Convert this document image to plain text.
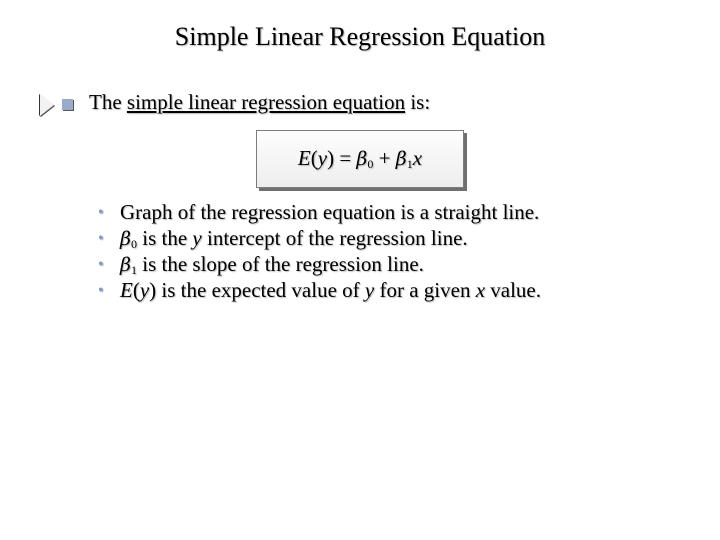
Simple Linear Regression Equation
The simple linear regression equation is:
$E(y) = \beta_0 + \beta_1x$
• Graph of the regression equation is a straight line.
• $\beta_0$ is the y intercept of the regression line.
• $\beta_1$ is the slope of the regression line.
• E(y) is the expected value of y for a given x value.
